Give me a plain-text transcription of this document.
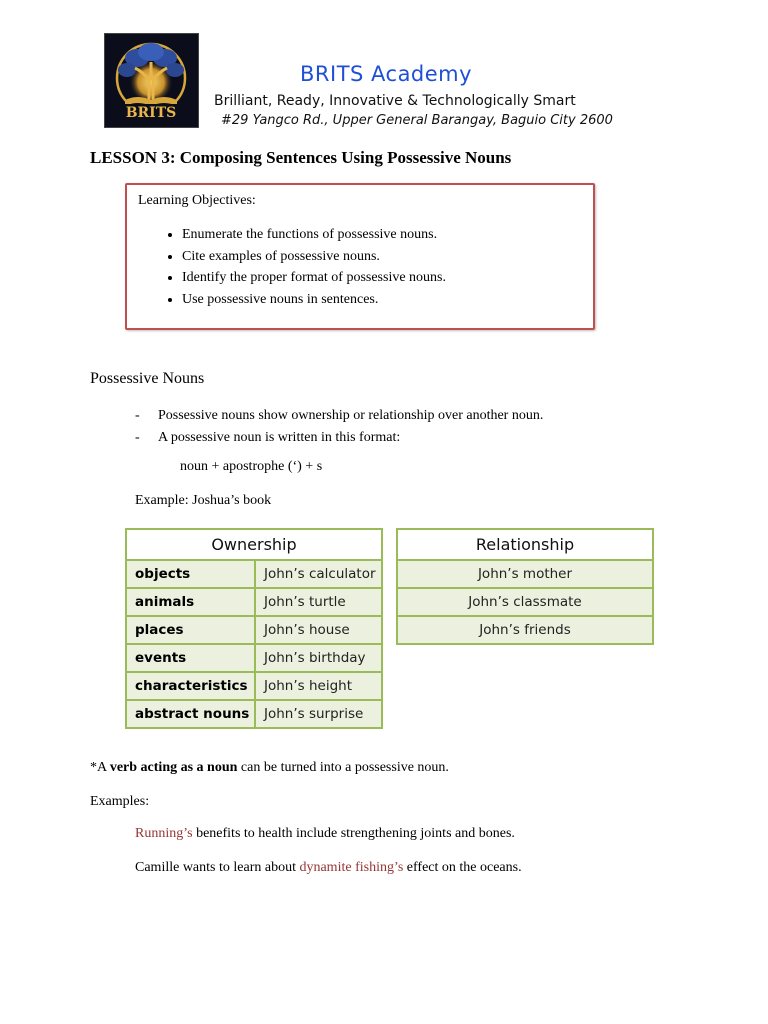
BRITS
BRITS Academy
Brilliant, Ready, Innovative & Technologically Smart
#29 Yangco Rd., Upper General Barangay, Baguio City 2600
LESSON 3: Composing Sentences Using Possessive Nouns
Learning Objectives:
• Enumerate the functions of possessive nouns.
• Cite examples of possessive nouns.
• Identify the proper format of possessive nouns.
• Use possessive nouns in sentences.
Possessive Nouns
- Possessive nouns show ownership or relationship over another noun.
- A possessive noun is written in this format:
noun + apostrophe (‘) + s
Example: Joshua’s book
Ownership	
objects	John’s calculator
animals	John’s turtle
places	John’s house
events	John’s birthday
characteristics	John’s height
abstract nouns	John’s surprise
Relationship
John’s mother
John’s classmate
John’s friends
*A verb acting as a noun can be turned into a possessive noun.
Examples:
Running’s benefits to health include strengthening joints and bones.
Camille wants to learn about dynamite fishing’s effect on the oceans.
